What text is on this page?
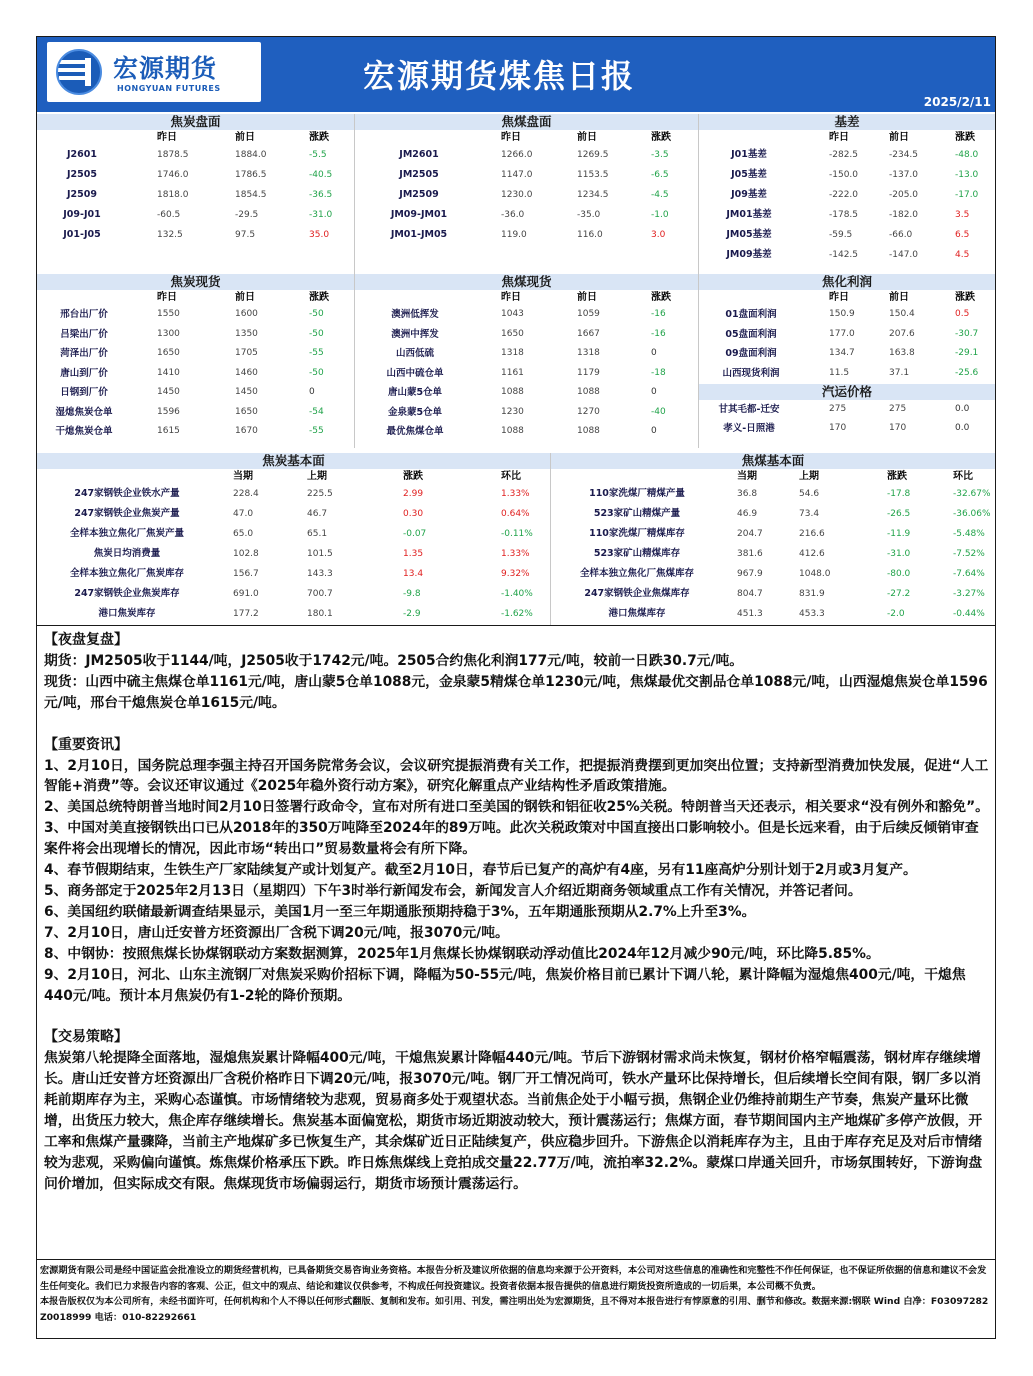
宏源期货
HONGYUAN FUTURES	宏源期货煤焦日报
2025/2/11
焦炭盘面
昨日	前日	涨跌
J2601	1878.5	1884.0	-5.5
J2505	1746.0	1786.5	-40.5
J2509	1818.0	1854.5	-36.5
J09-J01	-60.5	-29.5	-31.0
J01-J05	132.5	97.5	35.0
焦煤盘面
昨日	前日	涨跌
JM2601	1266.0	1269.5	-3.5
JM2505	1147.0	1153.5	-6.5
JM2509	1230.0	1234.5	-4.5
JM09-JM01	-36.0	-35.0	-1.0
JM01-JM05	119.0	116.0	3.0
基差
昨日	前日	涨跌
J01基差	-282.5	-234.5	-48.0
J05基差	-150.0	-137.0	-13.0
J09基差	-222.0	-205.0	-17.0
JM01基差	-178.5	-182.0	3.5
JM05基差	-59.5	-66.0	6.5
JM09基差	-142.5	-147.0	4.5
焦炭现货
昨日	前日	涨跌
邢台出厂价	1550	1600	-50
吕梁出厂价	1300	1350	-50
菏泽出厂价	1650	1705	-55
唐山到厂价	1410	1460	-50
日钢到厂价	1450	1450	0
湿熄焦炭仓单	1596	1650	-54
干熄焦炭仓单	1615	1670	-55
焦煤现货
昨日	前日	涨跌
澳洲低挥发	1043	1059	-16
澳洲中挥发	1650	1667	-16
山西低硫	1318	1318	0
山西中硫仓单	1161	1179	-18
唐山蒙5仓单	1088	1088	0
金泉蒙5仓单	1230	1270	-40
最优焦煤仓单	1088	1088	0
焦化利润
昨日	前日	涨跌
01盘面利润	150.9	150.4	0.5
05盘面利润	177.0	207.6	-30.7
09盘面利润	134.7	163.8	-29.1
山西现货利润	11.5	37.1	-25.6
汽运价格
甘其毛都-迁安	275	275	0.0
孝义-日照港	170	170	0.0
焦炭基本面
当期	上期	涨跌	环比
247家钢铁企业铁水产量	228.4	225.5	2.99	1.33%
247家钢铁企业焦炭产量	47.0	46.7	0.30	0.64%
全样本独立焦化厂焦炭产量	65.0	65.1	-0.07	-0.11%
焦炭日均消费量	102.8	101.5	1.35	1.33%
全样本独立焦化厂焦炭库存	156.7	143.3	13.4	9.32%
247家钢铁企业焦炭库存	691.0	700.7	-9.8	-1.40%
港口焦炭库存	177.2	180.1	-2.9	-1.62%
焦煤基本面
当期	上期	涨跌	环比
110家洗煤厂精煤产量	36.8	54.6	-17.8	-32.67%
523家矿山精煤产量	46.9	73.4	-26.5	-36.06%
110家洗煤厂精煤库存	204.7	216.6	-11.9	-5.48%
523家矿山精煤库存	381.6	412.6	-31.0	-7.52%
全样本独立焦化厂焦煤库存	967.9	1048.0	-80.0	-7.64%
247家钢铁企业焦煤库存	804.7	831.9	-27.2	-3.27%
港口焦煤库存	451.3	453.3	-2.0	-0.44%

【夜盘复盘】

期货：JM2505收于1144/吨，J2505收于1742元/吨。2505合约焦化利润177元/吨，较前一日跌30.7元/吨。

现货：山西中硫主焦煤仓单1161元/吨，唐山蒙5仓单1088元，金泉蒙5精煤仓单1230元/吨，焦煤最优交割品仓单1088元/吨，山西湿熄焦炭仓单1596元/吨，邢台干熄焦炭仓单1615元/吨。

【重要资讯】

1、2月10日，国务院总理李强主持召开国务院常务会议，会议研究提振消费有关工作，把提振消费摆到更加突出位置；支持新型消费加快发展，促进“人工智能+消费”等。会议还审议通过《2025年稳外资行动方案》，研究化解重点产业结构性矛盾政策措施。

2、美国总统特朗普当地时间2月10日签署行政命令，宣布对所有进口至美国的钢铁和铝征收25%关税。特朗普当天还表示，相关要求“没有例外和豁免”。

3、中国对美直接钢铁出口已从2018年的350万吨降至2024年的89万吨。此次关税政策对中国直接出口影响较小。但是长远来看，由于后续反倾销审查案件将会出现增长的情况，因此市场“转出口”贸易数量将会有所下降。

4、春节假期结束，生铁生产厂家陆续复产或计划复产。截至2月10日，春节后已复产的高炉有4座，另有11座高炉分别计划于2月或3月复产。

5、商务部定于2025年2月13日（星期四）下午3时举行新闻发布会，新闻发言人介绍近期商务领域重点工作有关情况，并答记者问。

6、美国纽约联储最新调查结果显示，美国1月一至三年期通胀预期持稳于3%，五年期通胀预期从2.7%上升至3%。

7、2月10日，唐山迁安普方坯资源出厂含税下调20元/吨，报3070元/吨。

8、中钢协：按照焦煤长协煤钢联动方案数据测算，2025年1月焦煤长协煤钢联动浮动值比2024年12月减少90元/吨，环比降5.85%。

9、2月10日，河北、山东主流钢厂对焦炭采购价招标下调，降幅为50-55元/吨，焦炭价格目前已累计下调八轮，累计降幅为湿熄焦400元/吨，干熄焦440元/吨。预计本月焦炭仍有1-2轮的降价预期。

【交易策略】

焦炭第八轮提降全面落地，湿熄焦炭累计降幅400元/吨，干熄焦炭累计降幅440元/吨。节后下游钢材需求尚未恢复，钢材价格窄幅震荡，钢材库存继续增长。唐山迁安普方坯资源出厂含税价格昨日下调20元/吨，报3070元/吨。钢厂开工情况尚可，铁水产量环比保持增长，但后续增长空间有限，钢厂多以消耗前期库存为主，采购心态谨慎。市场情绪较为悲观，贸易商多处于观望状态。当前焦企处于小幅亏损，焦钢企业仍维持前期生产节奏，焦炭产量环比微增，出货压力较大，焦企库存继续增长。焦炭基本面偏宽松，期货市场近期波动较大，预计震荡运行；焦煤方面，春节期间国内主产地煤矿多停产放假，开工率和焦煤产量骤降，当前主产地煤矿多已恢复生产，其余煤矿近日正陆续复产，供应稳步回升。下游焦企以消耗库存为主，且由于库存充足及对后市情绪较为悲观，采购偏向谨慎。炼焦煤价格承压下跌。昨日炼焦煤线上竞拍成交量22.77万/吨，流拍率32.2%。蒙煤口岸通关回升，市场氛围转好，下游询盘问价增加，但实际成交有限。焦煤现货市场偏弱运行，期货市场预计震荡运行。

宏源期货有限公司是经中国证监会批准设立的期货经营机构，已具备期货交易咨询业务资格。本报告分析及建议所依据的信息均来源于公开资料，本公司对这些信息的准确性和完整性不作任何保证，也不保证所依据的信息和建议不会发生任何变化。我们已力求报告内容的客观、公正，但文中的观点、结论和建议仅供参考，不构成任何投资建议。投资者依据本报告提供的信息进行期货投资所造成的一切后果，本公司概不负责。

本报告版权仅为本公司所有，未经书面许可，任何机构和个人不得以任何形式翻版、复制和发布。如引用、刊发，需注明出处为宏源期货，且不得对本报告进行有悖原意的引用、删节和修改。数据来源:钢联 Wind 白净：F03097282 Z0018999 电话：010-82292661
